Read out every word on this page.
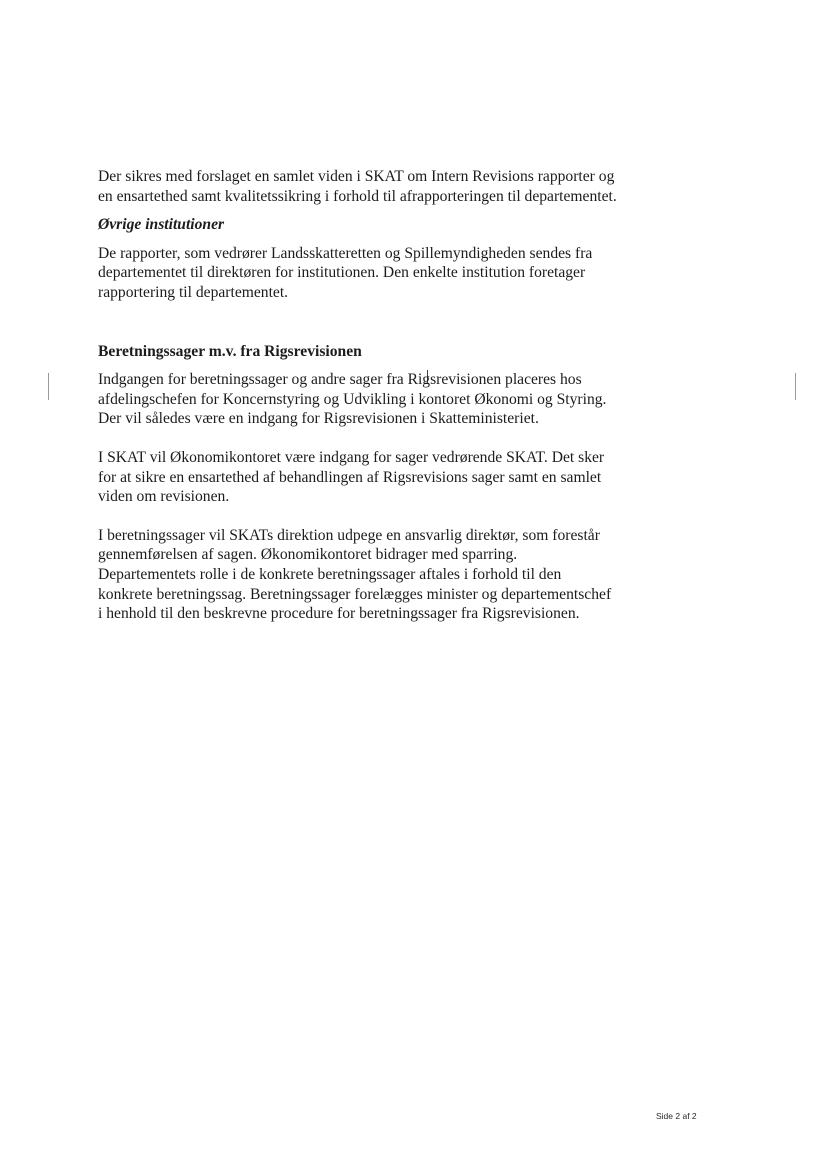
Der sikres med forslaget en samlet viden i SKAT om Intern Revisions rapporter og en ensartethed samt kvalitetssikring i forhold til afrapporteringen til departementet.

Øvrige institutioner

De rapporter, som vedrører Landsskatteretten og Spillemyndigheden sendes fra departementet til direktøren for institutionen. Den enkelte institution foretager rapportering til departementet.

Beretningssager m.v. fra Rigsrevisionen

Indgangen for beretningssager og andre sager fra Rigsrevisionen placeres hos afdelingschefen for Koncernstyring og Udvikling i kontoret Økonomi og Styring. Der vil således være en indgang for Rigsrevisionen i Skatteministeriet.

I SKAT vil Økonomikontoret være indgang for sager vedrørende SKAT. Det sker for at sikre en ensartethed af behandlingen af Rigsrevisions sager samt en samlet viden om revisionen.

I beretningssager vil SKATs direktion udpege en ansvarlig direktør, som forestår gennemførelsen af sagen. Økonomikontoret bidrager med sparring. Departementets rolle i de konkrete beretningssager aftales i forhold til den konkrete beretningssag. Beretningssager forelægges minister og departementschef i henhold til den beskrevne procedure for beretningssager fra Rigsrevisionen.

Side 2 af 2
